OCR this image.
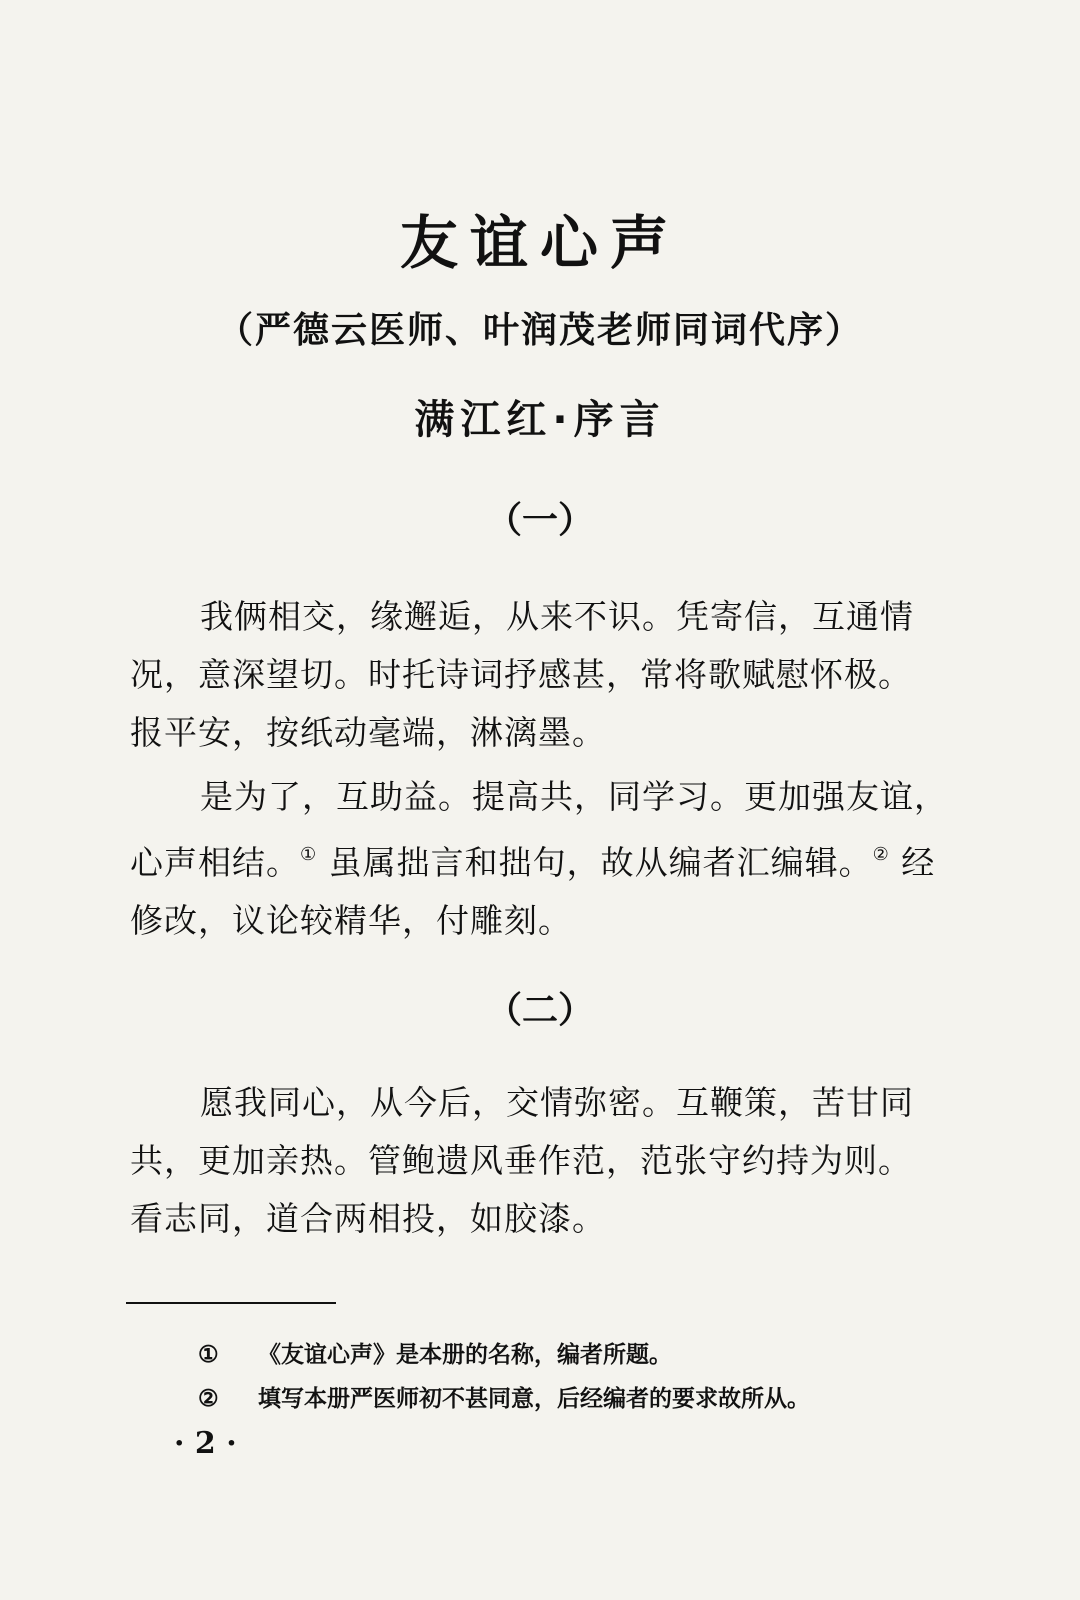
友谊心声
（严德云医师、叶润茂老师同词代序）
满江红·序言
（一）
我俩相交，缘邂逅，从来不识。凭寄信，互通情
况，意深望切。时托诗词抒感甚，常将歌赋慰怀极。
报平安，按纸动毫端，淋漓墨。
是为了，互助益。提高共，同学习。更加强友谊，
心声相结。① 虽属拙言和拙句，故从编者汇编辑。② 经
修改，议论较精华，付雕刻。
（二）
愿我同心，从今后，交情弥密。互鞭策，苦甘同
共，更加亲热。管鲍遗风垂作范，范张守约持为则。
看志同，道合两相投，如胶漆。
① 《友谊心声》是本册的名称，编者所题。
② 填写本册严医师初不甚同意，后经编者的要求故所从。
· 2 ·
